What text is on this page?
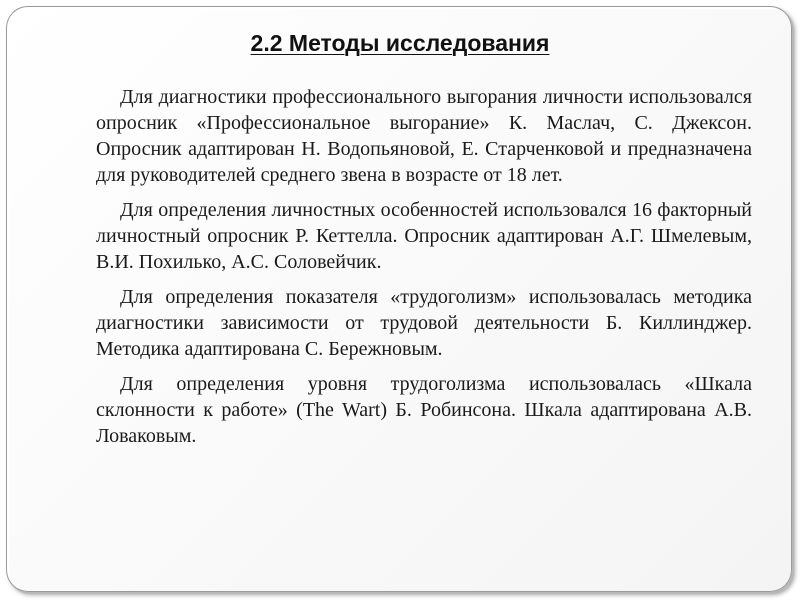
2.2 Методы исследования

Для диагностики профессионального выгорания личности использовался опросник «Профессиональное выгорание» К. Маслач, С. Джексон. Опросник адаптирован Н. Водопьяновой, Е. Старченковой и предназначена для руководителей среднего звена в возрасте от 18 лет.

Для определения личностных особенностей использовался 16 факторный личностный опросник Р. Кеттелла. Опросник адаптирован А.Г. Шмелевым, В.И. Похилько, А.С. Соловейчик.

Для определения показателя «трудоголизм» использовалась методика диагностики зависимости от трудовой деятельности Б. Киллинджер. Методика адаптирована С. Бережновым.

Для определения уровня трудоголизма использовалась «Шкала склонности к работе» (The Wart) Б. Робинсона. Шкала адаптирована А.В. Ловаковым.
